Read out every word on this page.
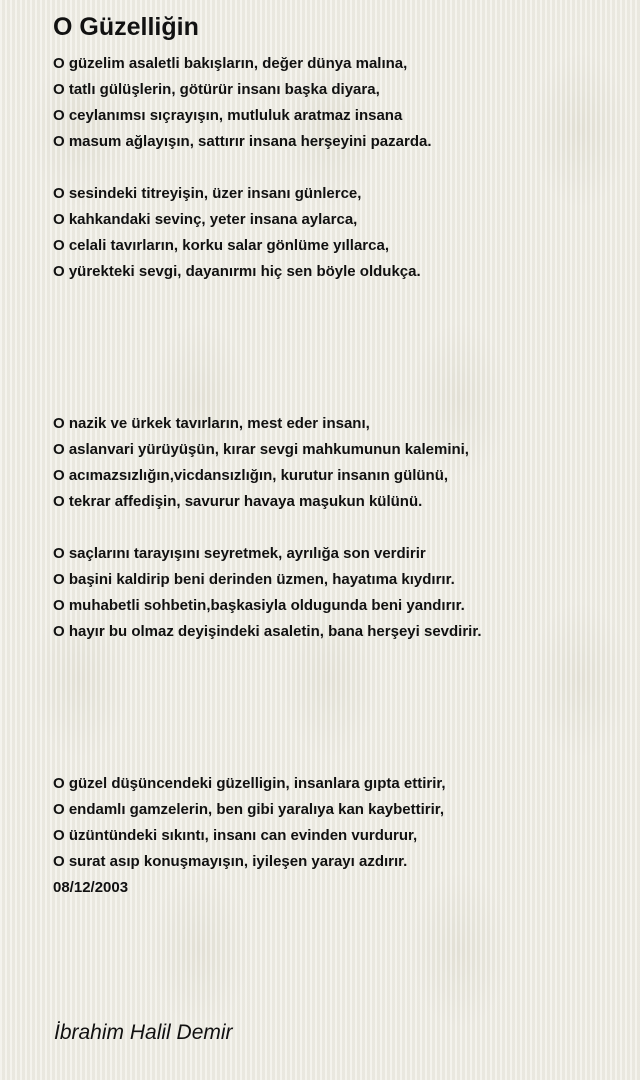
O Güzelliğin
O güzelim asaletli bakışların, değer dünya malına,
O tatlı gülüşlerin, götürür insanı başka diyara,
O ceylanımsı sıçrayışın, mutluluk aratmaz insana
O masum ağlayışın, sattırır insana herşeyini pazarda.
O sesindeki titreyişin, üzer insanı günlerce,
O kahkandaki sevinç, yeter insana aylarca,
O celali tavırların, korku salar gönlüme yıllarca,
O yürekteki sevgi, dayanırmı hiç sen böyle oldukça.
O nazik ve ürkek tavırların, mest eder insanı,
O aslanvari yürüyüşün, kırar sevgi mahkumunun kalemini,
O acımazsızlığın,vicdansızlığın, kurutur insanın gülünü,
O tekrar affedişin, savurur havaya maşukun külünü.
O saçlarını tarayışını seyretmek, ayrılığa son verdirir
O başini kaldirip beni derinden üzmen, hayatıma kıydırır.
O muhabetli sohbetin,başkasiyla oldugunda beni yandırır.
O hayır bu olmaz deyişindeki asaletin, bana herşeyi sevdirir.
O güzel düşüncendeki güzelligin, insanlara gıpta ettirir,
O endamlı gamzelerin, ben gibi yaralıya kan kaybettirir,
O üzüntündeki sıkıntı, insanı can evinden vurdurur,
O surat asıp konuşmayışın, iyileşen yarayı azdırır.
08/12/2003
İbrahim Halil Demir
